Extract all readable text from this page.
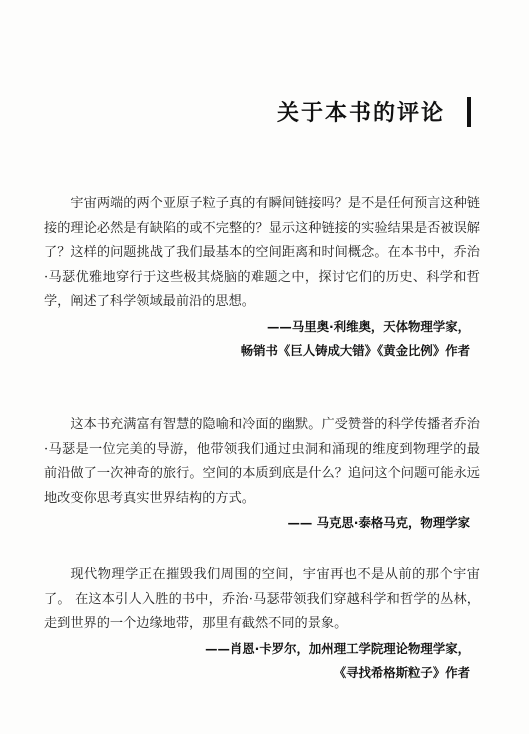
关于本书的评论

宇宙两端的两个亚原子粒子真的有瞬间链接吗？是不是任何预言这种链接的理论必然是有缺陷的或不完整的？显示这种链接的实验结果是否被误解了？这样的问题挑战了我们最基本的空间距离和时间概念。在本书中，乔治·马瑟优雅地穿行于这些极其烧脑的难题之中，探讨它们的历史、科学和哲学，阐述了科学领域最前沿的思想。

——马里奥·利维奥，天体物理学家，
畅销书《巨人铸成大错》《黄金比例》作者

这本书充满富有智慧的隐喻和冷面的幽默。广受赞誉的科学传播者乔治·马瑟是一位完美的导游，他带领我们通过虫洞和涌现的维度到物理学的最前沿做了一次神奇的旅行。空间的本质到底是什么？追问这个问题可能永远地改变你思考真实世界结构的方式。

—— 马克思·泰格马克，物理学家

现代物理学正在摧毁我们周围的空间，宇宙再也不是从前的那个宇宙了。 在这本引人入胜的书中，乔治·马瑟带领我们穿越科学和哲学的丛林，走到世界的一个边缘地带，那里有截然不同的景象。

——肖恩·卡罗尔，加州理工学院理论物理学家，
《寻找希格斯粒子》作者
